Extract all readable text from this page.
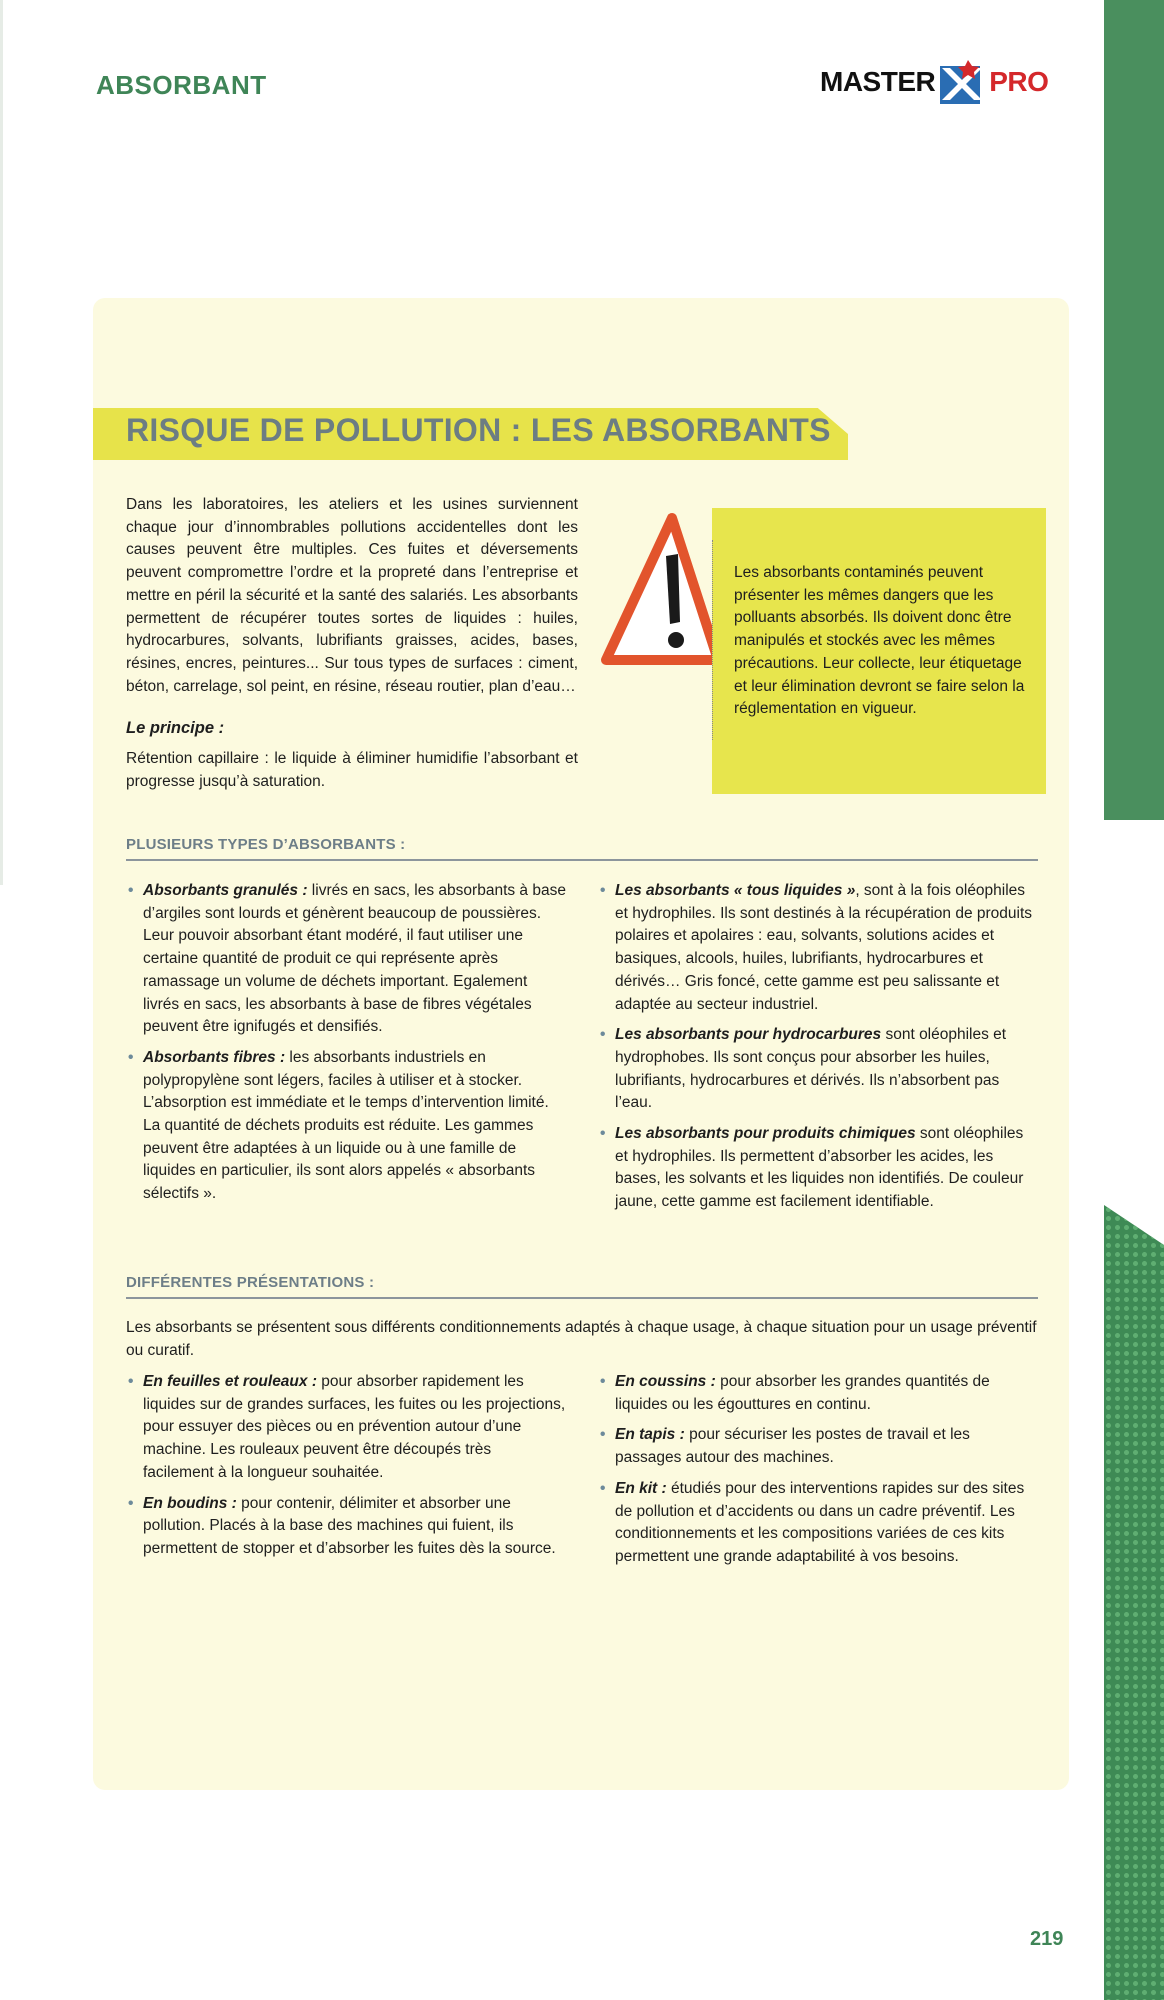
ABSORBANT	MASTER PRO
RISQUE DE POLLUTION : LES ABSORBANTS
Dans les laboratoires, les ateliers et les usines surviennent chaque jour d’innombrables pollutions accidentelles dont les causes peuvent être multiples. Ces fuites et déversements peuvent compromettre l’ordre et la propreté dans l’entreprise et mettre en péril la sécurité et la santé des salariés. Les absorbants permettent de récupérer toutes sortes de liquides : huiles, hydrocarbures, solvants, lubrifiants graisses, acides, bases, résines, encres, peintures... Sur tous types de surfaces : ciment, béton, carrelage, sol peint, en résine, réseau routier, plan d’eau…
Le principe :
Rétention capillaire : le liquide à éliminer humidifie l’absorbant et progresse jusqu’à saturation.
Les absorbants contaminés peuvent présenter les mêmes dangers que les polluants absorbés. Ils doivent donc être manipulés et stockés avec les mêmes précautions. Leur collecte, leur étiquetage et leur élimination devront se faire selon la réglementation en vigueur.
PLUSIEURS TYPES D’ABSORBANTS :
• Absorbants granulés : livrés en sacs, les absorbants à base d’argiles sont lourds et génèrent beaucoup de poussières. Leur pouvoir absorbant étant modéré, il faut utiliser une certaine quantité de produit ce qui représente après ramassage un volume de déchets important. Egalement livrés en sacs, les absorbants à base de fibres végétales peuvent être ignifugés et densifiés.
• Absorbants fibres : les absorbants industriels en polypropylène sont légers, faciles à utiliser et à stocker. L’absorption est immédiate et le temps d’intervention limité. La quantité de déchets produits est réduite. Les gammes peuvent être adaptées à un liquide ou à une famille de liquides en particulier, ils sont alors appelés « absorbants sélectifs ».
• Les absorbants « tous liquides », sont à la fois oléophiles et hydrophiles. Ils sont destinés à la récupération de produits polaires et apolaires : eau, solvants, solutions acides et basiques, alcools, huiles, lubrifiants, hydrocarbures et dérivés… Gris foncé, cette gamme est peu salissante et adaptée au secteur industriel.
• Les absorbants pour hydrocarbures sont oléophiles et hydrophobes. Ils sont conçus pour absorber les huiles, lubrifiants, hydrocarbures et dérivés. Ils n’absorbent pas l’eau.
• Les absorbants pour produits chimiques sont oléophiles et hydrophiles. Ils permettent d’absorber les acides, les bases, les solvants et les liquides non identifiés. De couleur jaune, cette gamme est facilement identifiable.
DIFFÉRENTES PRÉSENTATIONS :
Les absorbants se présentent sous différents conditionnements adaptés à chaque usage, à chaque situation pour un usage préventif ou curatif.
• En feuilles et rouleaux : pour absorber rapidement les liquides sur de grandes surfaces, les fuites ou les projections, pour essuyer des pièces ou en prévention autour d’une machine. Les rouleaux peuvent être découpés très facilement à la longueur souhaitée.
• En boudins : pour contenir, délimiter et absorber une pollution. Placés à la base des machines qui fuient, ils permettent de stopper et d’absorber les fuites dès la source.
• En coussins : pour absorber les grandes quantités de liquides ou les égouttures en continu.
• En tapis : pour sécuriser les postes de travail et les passages autour des machines.
• En kit : étudiés pour des interventions rapides sur des sites de pollution et d’accidents ou dans un cadre préventif. Les conditionnements et les compositions variées de ces kits permettent une grande adaptabilité à vos besoins.
219
